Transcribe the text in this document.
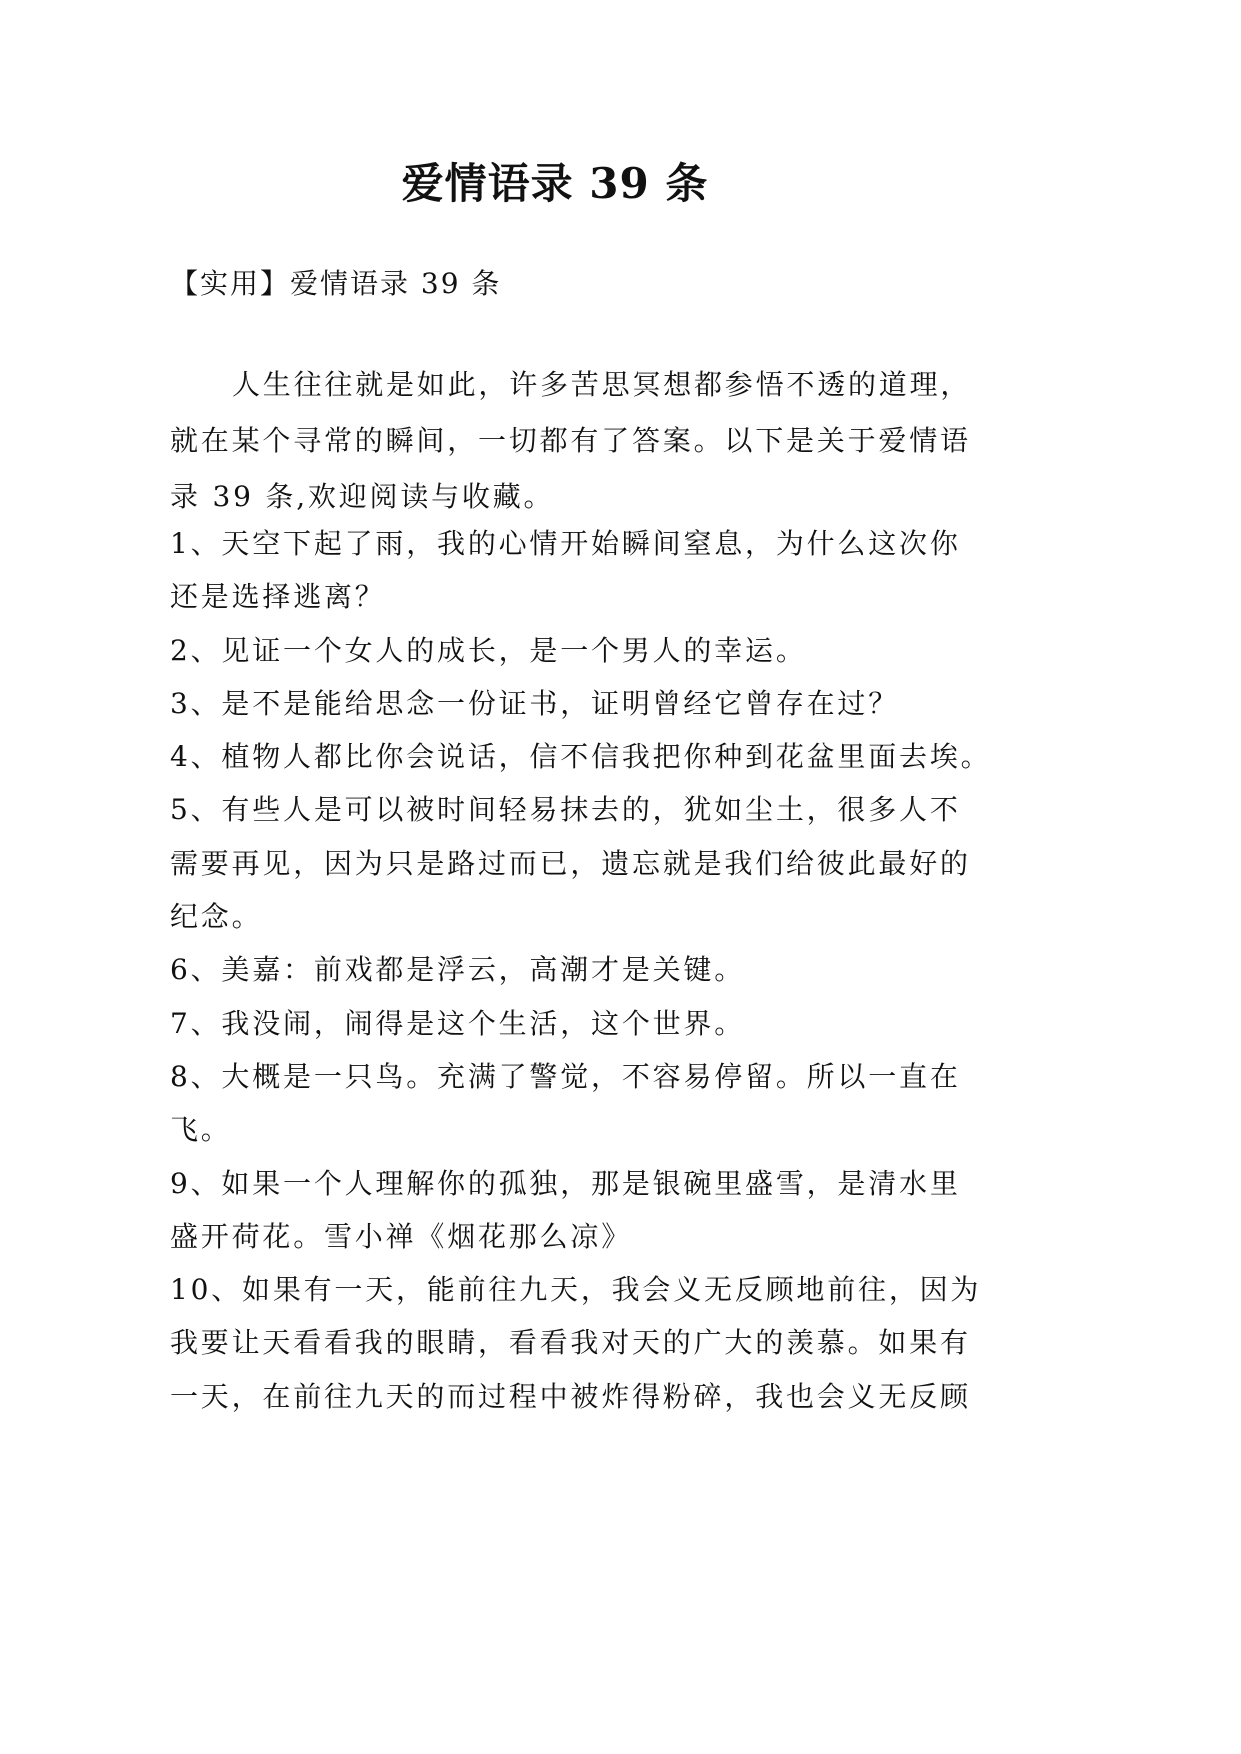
爱情语录 39 条
【实用】爱情语录 39 条
人生往往就是如此，许多苦思冥想都参悟不透的道理，
就在某个寻常的瞬间，一切都有了答案。以下是关于爱情语
录 39 条,欢迎阅读与收藏。
1、天空下起了雨，我的心情开始瞬间窒息，为什么这次你
还是选择逃离？
2、见证一个女人的成长，是一个男人的幸运。
3、是不是能给思念一份证书，证明曾经它曾存在过？
4、植物人都比你会说话，信不信我把你种到花盆里面去埃。
5、有些人是可以被时间轻易抹去的，犹如尘土，很多人不
需要再见，因为只是路过而已，遗忘就是我们给彼此最好的
纪念。
6、美嘉：前戏都是浮云，高潮才是关键。
7、我没闹，闹得是这个生活，这个世界。
8、大概是一只鸟。充满了警觉，不容易停留。所以一直在
飞。
9、如果一个人理解你的孤独，那是银碗里盛雪，是清水里
盛开荷花。雪小禅《烟花那么凉》
10、如果有一天，能前往九天，我会义无反顾地前往，因为
我要让天看看我的眼睛，看看我对天的广大的羡慕。如果有
一天，在前往九天的而过程中被炸得粉碎，我也会义无反顾
